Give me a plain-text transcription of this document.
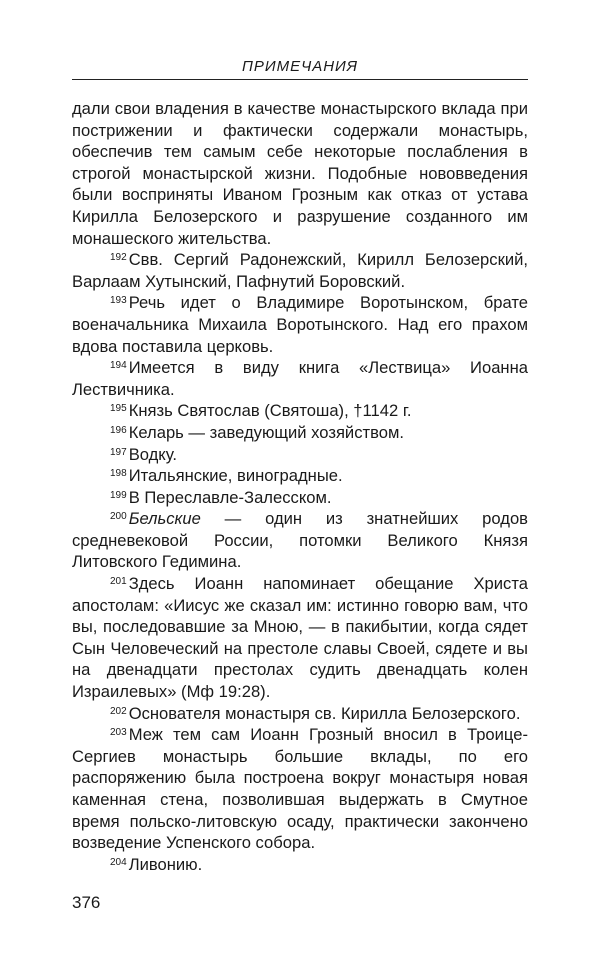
ПРИМЕЧАНИЯ

дали свои владения в качестве монастырского вклада при пострижении и фактически содержали монастырь, обеспечив тем самым себе некоторые послабления в строгой монастырской жизни. Подобные нововведения были восприняты Иваном Грозным как отказ от устава Кирилла Белозерского и разрушение созданного им монашеского жительства.

$^{192}$ Свв. Сергий Радонежский, Кирилл Белозерский, Варлаам Хутынский, Пафнутий Боровский.

$^{193}$ Речь идет о Владимире Воротынском, брате военачальника Михаила Воротынского. Над его прахом вдова поставила церковь.

$^{194}$ Имеется в виду книга «Лествица» Иоанна Лествичника.

$^{195}$ Князь Святослав (Святоша), †1142 г.

$^{196}$ Келарь — заведующий хозяйством.

$^{197}$ Водку.

$^{198}$ Итальянские, виноградные.

$^{199}$ В Переславле-Залесском.

$^{200}$ Бельские — один из знатнейших родов средневековой России, потомки Великого Князя Литовского Гедимина.

$^{201}$ Здесь Иоанн напоминает обещание Христа апостолам: «Иисус же сказал им: истинно говорю вам, что вы, последовавшие за Мною, — в пакибытии, когда сядет Сын Человеческий на престоле славы Своей, сядете и вы на двенадцати престолах судить двенадцать колен Израилевых» (Мф 19:28).

$^{202}$ Основателя монастыря св. Кирилла Белозерского.

$^{203}$ Меж тем сам Иоанн Грозный вносил в Троице-Сергиев монастырь большие вклады, по его распоряжению была построена вокруг монастыря новая каменная стена, позволившая выдержать в Смутное время польско-литовскую осаду, практически закончено возведение Успенского собора.

$^{204}$ Ливонию.

376
